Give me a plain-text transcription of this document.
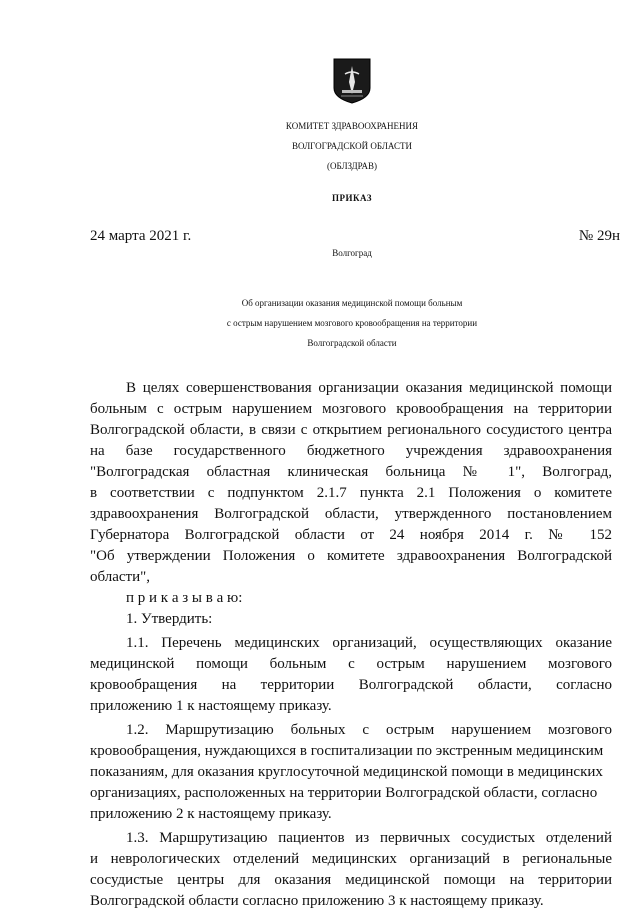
КОМИТЕТ ЗДРАВООХРАНЕНИЯ
ВОЛГОГРАДСКОЙ ОБЛАСТИ
(ОБЛЗДРАВ)
ПРИКАЗ
24 марта 2021 г.	№ 29н
Волгоград
Об организации оказания медицинской помощи больным
с острым нарушением мозгового кровообращения на территории
Волгоградской области
В целях совершенствования организации оказания медицинской помощи
больным с острым нарушением мозгового кровообращения на территории
Волгоградской области, в связи с открытием регионального сосудистого центра
на базе государственного бюджетного учреждения здравоохранения
"Волгоградская областная клиническая больница № 1", Волгоград,
в соответствии с подпунктом 2.1.7 пункта 2.1 Положения о комитете
здравоохранения Волгоградской области, утвержденного постановлением
Губернатора Волгоградской области от 24 ноября 2014 г. № 152
"Об утверждении Положения о комитете здравоохранения Волгоградской
области",
п р и к а з ы в а ю:
1. Утвердить:
1.1. Перечень медицинских организаций, осуществляющих оказание
медицинской помощи больным с острым нарушением мозгового
кровообращения на территории Волгоградской области, согласно
приложению 1 к настоящему приказу.
1.2. Маршрутизацию больных с острым нарушением мозгового
кровообращения, нуждающихся в госпитализации по экстренным медицинским
показаниям, для оказания круглосуточной медицинской помощи в медицинских
организациях, расположенных на территории Волгоградской области, согласно
приложению 2 к настоящему приказу.
1.3. Маршрутизацию пациентов из первичных сосудистых отделений
и неврологических отделений медицинских организаций в региональные
сосудистые центры для оказания медицинской помощи на территории
Волгоградской области согласно приложению 3 к настоящему приказу.
